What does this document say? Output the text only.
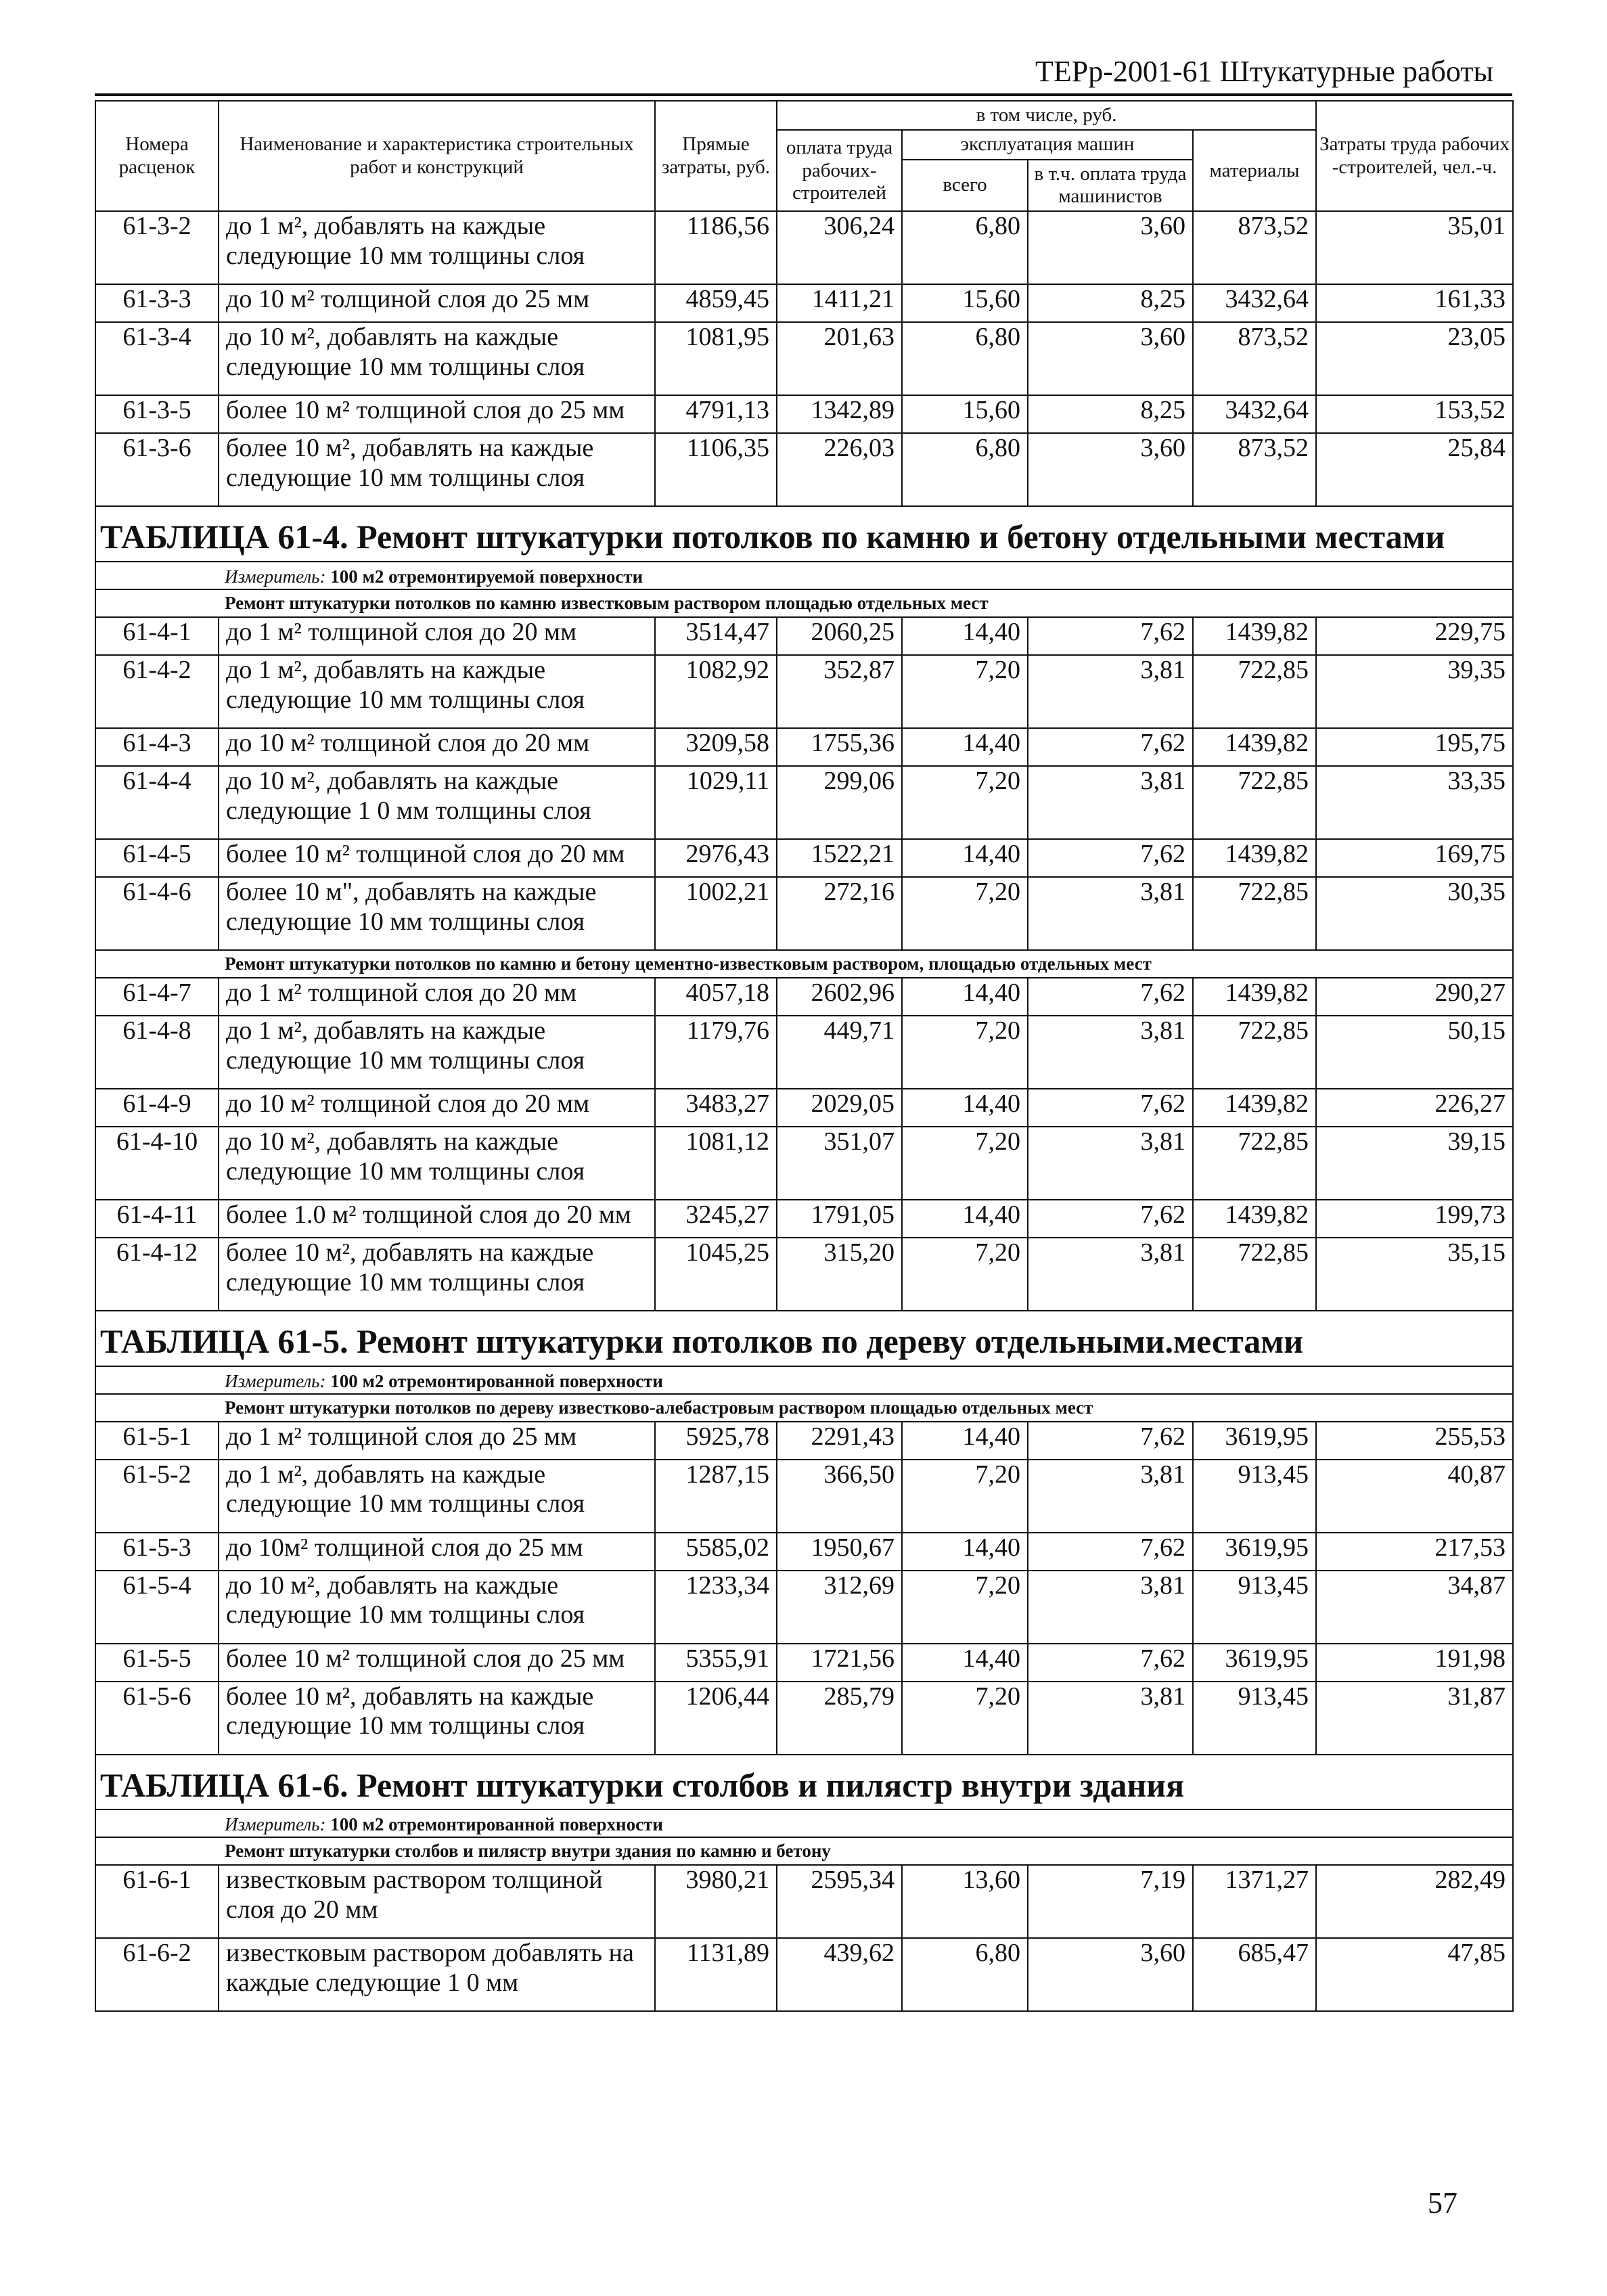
ТЕРр-2001-61 Штукатурные работы
Номера расценок	Наименование и характеристика строительных работ и конструкций	Прямые затраты, руб.	в том числе, руб.				Затраты труда рабочих -строителей, чел.-ч.
			оплата труда рабочих-строителей	эксплуатация машин		материалы	
				всего	в т.ч. оплата труда машинистов		

61-3-2	до 1 м², добавлять на каждые следующие 10 мм толщины слоя	1186,56	306,24	6,80	3,60	873,52	35,01
61-3-3	до 10 м² толщиной слоя до 25 мм	4859,45	1411,21	15,60	8,25	3432,64	161,33
61-3-4	до 10 м², добавлять на каждые следующие 10 мм толщины слоя	1081,95	201,63	6,80	3,60	873,52	23,05
61-3-5	более 10 м² толщиной слоя до 25 мм	4791,13	1342,89	15,60	8,25	3432,64	153,52
61-3-6	более 10 м², добавлять на каждые следующие 10 мм толщины слоя	1106,35	226,03	6,80	3,60	873,52	25,84
ТАБЛИЦА 61-4. Ремонт штукатурки потолков по камню и бетону отдельными местами							
Измеритель: 100 м2 отремонтируемой поверхности							
Ремонт штукатурки потолков по камню известковым раствором площадью отдельных мест							
61-4-1	до 1 м² толщиной слоя до 20 мм	3514,47	2060,25	14,40	7,62	1439,82	229,75
61-4-2	до 1 м², добавлять на каждые следующие 10 мм толщины слоя	1082,92	352,87	7,20	3,81	722,85	39,35
61-4-3	до 10 м² толщиной слоя до 20 мм	3209,58	1755,36	14,40	7,62	1439,82	195,75
61-4-4	до 10 м², добавлять на каждые следующие 1 0 мм толщины слоя	1029,11	299,06	7,20	3,81	722,85	33,35
61-4-5	более 10 м² толщиной слоя до 20 мм	2976,43	1522,21	14,40	7,62	1439,82	169,75
61-4-6	более 10 м", добавлять на каждые следующие 10 мм толщины слоя	1002,21	272,16	7,20	3,81	722,85	30,35
Ремонт штукатурки потолков по камню и бетону цементно-известковым раствором, площадью отдельных мест							
61-4-7	до 1 м² толщиной слоя до 20 мм	4057,18	2602,96	14,40	7,62	1439,82	290,27
61-4-8	до 1 м², добавлять на каждые следующие 10 мм толщины слоя	1179,76	449,71	7,20	3,81	722,85	50,15
61-4-9	до 10 м² толщиной слоя до 20 мм	3483,27	2029,05	14,40	7,62	1439,82	226,27
61-4-10	до 10 м², добавлять на каждые следующие 10 мм толщины слоя	1081,12	351,07	7,20	3,81	722,85	39,15
61-4-11	более 1.0 м² толщиной слоя до 20 мм	3245,27	1791,05	14,40	7,62	1439,82	199,73
61-4-12	более 10 м², добавлять на каждые следующие 10 мм толщины слоя	1045,25	315,20	7,20	3,81	722,85	35,15
ТАБЛИЦА 61-5. Ремонт штукатурки потолков по дереву отдельными.местами							
Измеритель: 100 м2 отремонтированной поверхности							
Ремонт штукатурки потолков по дереву известково-алебастровым раствором площадью отдельных мест							
61-5-1	до 1 м² толщиной слоя до 25 мм	5925,78	2291,43	14,40	7,62	3619,95	255,53
61-5-2	до 1 м², добавлять на каждые следующие 10 мм толщины слоя	1287,15	366,50	7,20	3,81	913,45	40,87
61-5-3	до 10м² толщиной слоя до 25 мм	5585,02	1950,67	14,40	7,62	3619,95	217,53
61-5-4	до 10 м², добавлять на каждые следующие 10 мм толщины слоя	1233,34	312,69	7,20	3,81	913,45	34,87
61-5-5	более 10 м² толщиной слоя до 25 мм	5355,91	1721,56	14,40	7,62	3619,95	191,98
61-5-6	более 10 м², добавлять на каждые следующие 10 мм толщины слоя	1206,44	285,79	7,20	3,81	913,45	31,87
ТАБЛИЦА 61-6. Ремонт штукатурки столбов и пилястр внутри здания							
Измеритель: 100 м2 отремонтированной поверхности							
Ремонт штукатурки столбов и пилястр внутри здания по камню и бетону							
61-6-1	известковым раствором толщиной слоя до 20 мм	3980,21	2595,34	13,60	7,19	1371,27	282,49
61-6-2	известковым раствором добавлять на каждые следующие 1 0 мм	1131,89	439,62	6,80	3,60	685,47	47,85
57
